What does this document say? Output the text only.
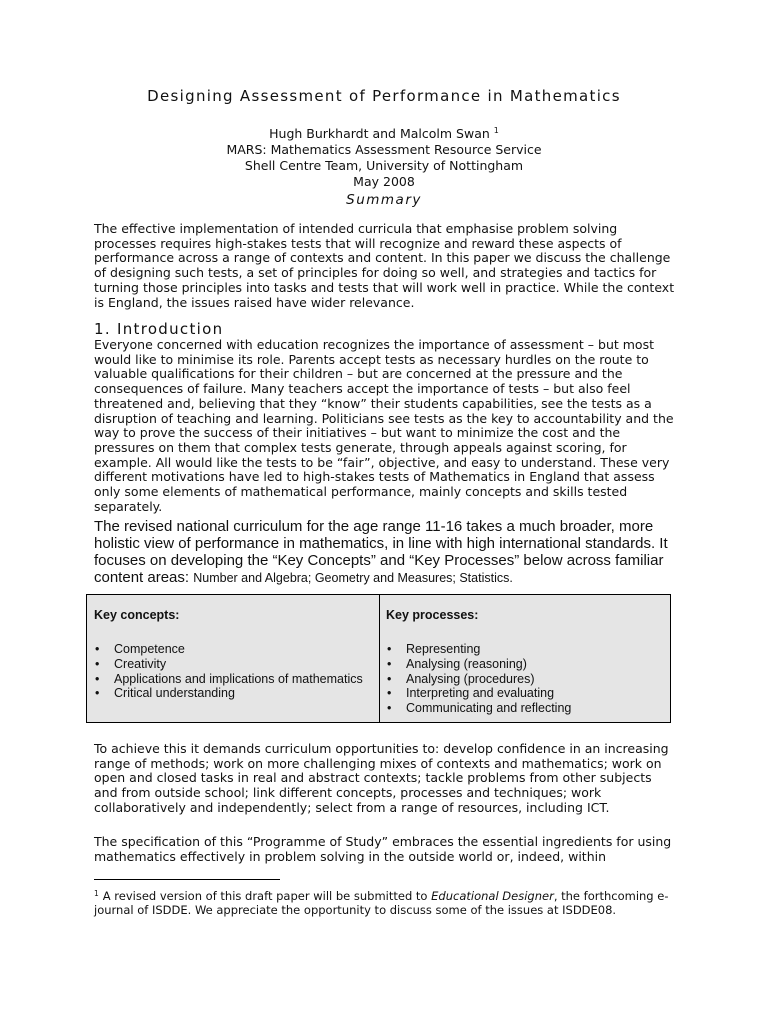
Designing Assessment of Performance in Mathematics
Hugh Burkhardt and Malcolm Swan $^1$
MARS: Mathematics Assessment Resource Service
Shell Centre Team, University of Nottingham
May 2008
Summary

The effective implementation of intended curricula that emphasise problem solving processes requires high-stakes tests that will recognize and reward these aspects of performance across a range of contexts and content. In this paper we discuss the challenge of designing such tests, a set of principles for doing so well, and strategies and tactics for turning those principles into tasks and tests that will work well in practice. While the context is England, the issues raised have wider relevance.

1. Introduction

Everyone concerned with education recognizes the importance of assessment – but most would like to minimise its role. Parents accept tests as necessary hurdles on the route to valuable qualifications for their children – but are concerned at the pressure and the consequences of failure. Many teachers accept the importance of tests – but also feel threatened and, believing that they “know” their students capabilities, see the tests as a disruption of teaching and learning. Politicians see tests as the key to accountability and the way to prove the success of their initiatives – but want to minimize the cost and the pressures on them that complex tests generate, through appeals against scoring, for example. All would like the tests to be “fair”, objective, and easy to understand. These very different motivations have led to high-stakes tests of Mathematics in England that assess only some elements of mathematical performance, mainly concepts and skills tested separately.

The revised national curriculum for the age range 11-16 takes a much broader, more holistic view of performance in mathematics, in line with high international standards. It focuses on developing the “Key Concepts” and “Key Processes” below across familiar content areas: Number and Algebra; Geometry and Measures; Statistics.

Key concepts:
• Competence
• Creativity
• Applications and implications of mathematics
• Critical understanding
Key processes:
• Representing
• Analysing (reasoning)
• Analysing (procedures)
• Interpreting and evaluating
• Communicating and reflecting

To achieve this it demands curriculum opportunities to: develop confidence in an increasing range of methods; work on more challenging mixes of contexts and mathematics; work on open and closed tasks in real and abstract contexts; tackle problems from other subjects and from outside school; link different concepts, processes and techniques; work collaboratively and independently; select from a range of resources, including ICT.

The specification of this “Programme of Study” embraces the essential ingredients for using mathematics effectively in problem solving in the outside world or, indeed, within

$^1$ A revised version of this draft paper will be submitted to Educational Designer, the forthcoming e-journal of ISDDE. We appreciate the opportunity to discuss some of the issues at ISDDE08.
